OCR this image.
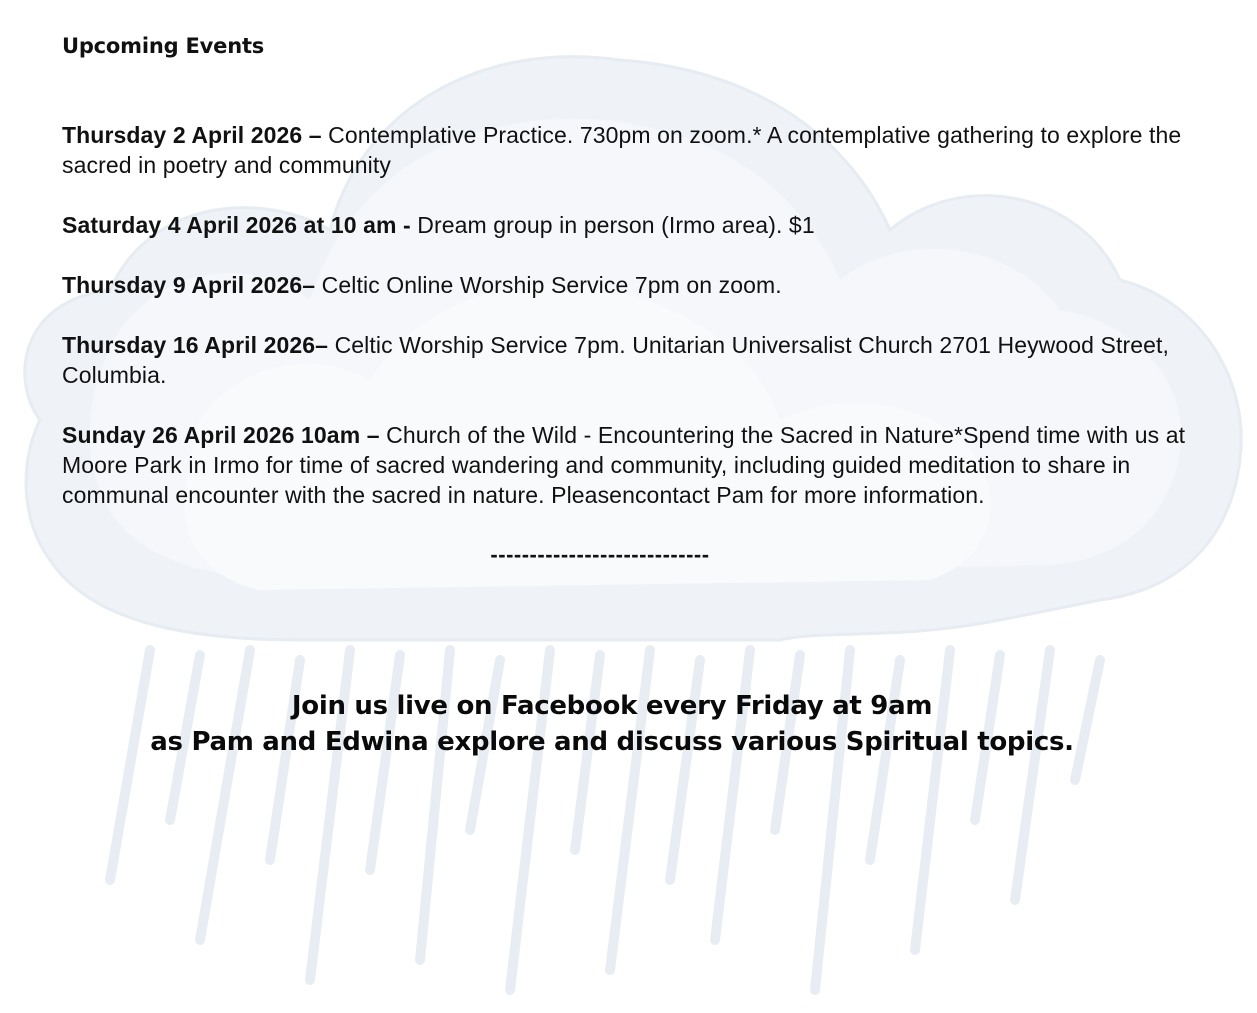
Upcoming Events

Thursday 2 April 2026 – Contemplative Practice. 730pm on zoom.* A contemplative gathering to explore the sacred in poetry and community

Saturday 4 April 2026 at 10 am - Dream group in person (Irmo area). $1

Thursday 9 April 2026– Celtic Online Worship Service 7pm on zoom.

Thursday 16 April 2026– Celtic Worship Service 7pm. Unitarian Universalist Church 2701 Heywood Street, Columbia.

Sunday 26 April 2026 10am – Church of the Wild - Encountering the Sacred in Nature*Spend time with us at Moore Park in Irmo for time of sacred wandering and community, including guided meditation to share in communal encounter with the sacred in nature. Pleasencontact Pam for more information.

----------------------------
Join us live on Facebook every Friday at 9am
as Pam and Edwina explore and discuss various Spiritual topics.
